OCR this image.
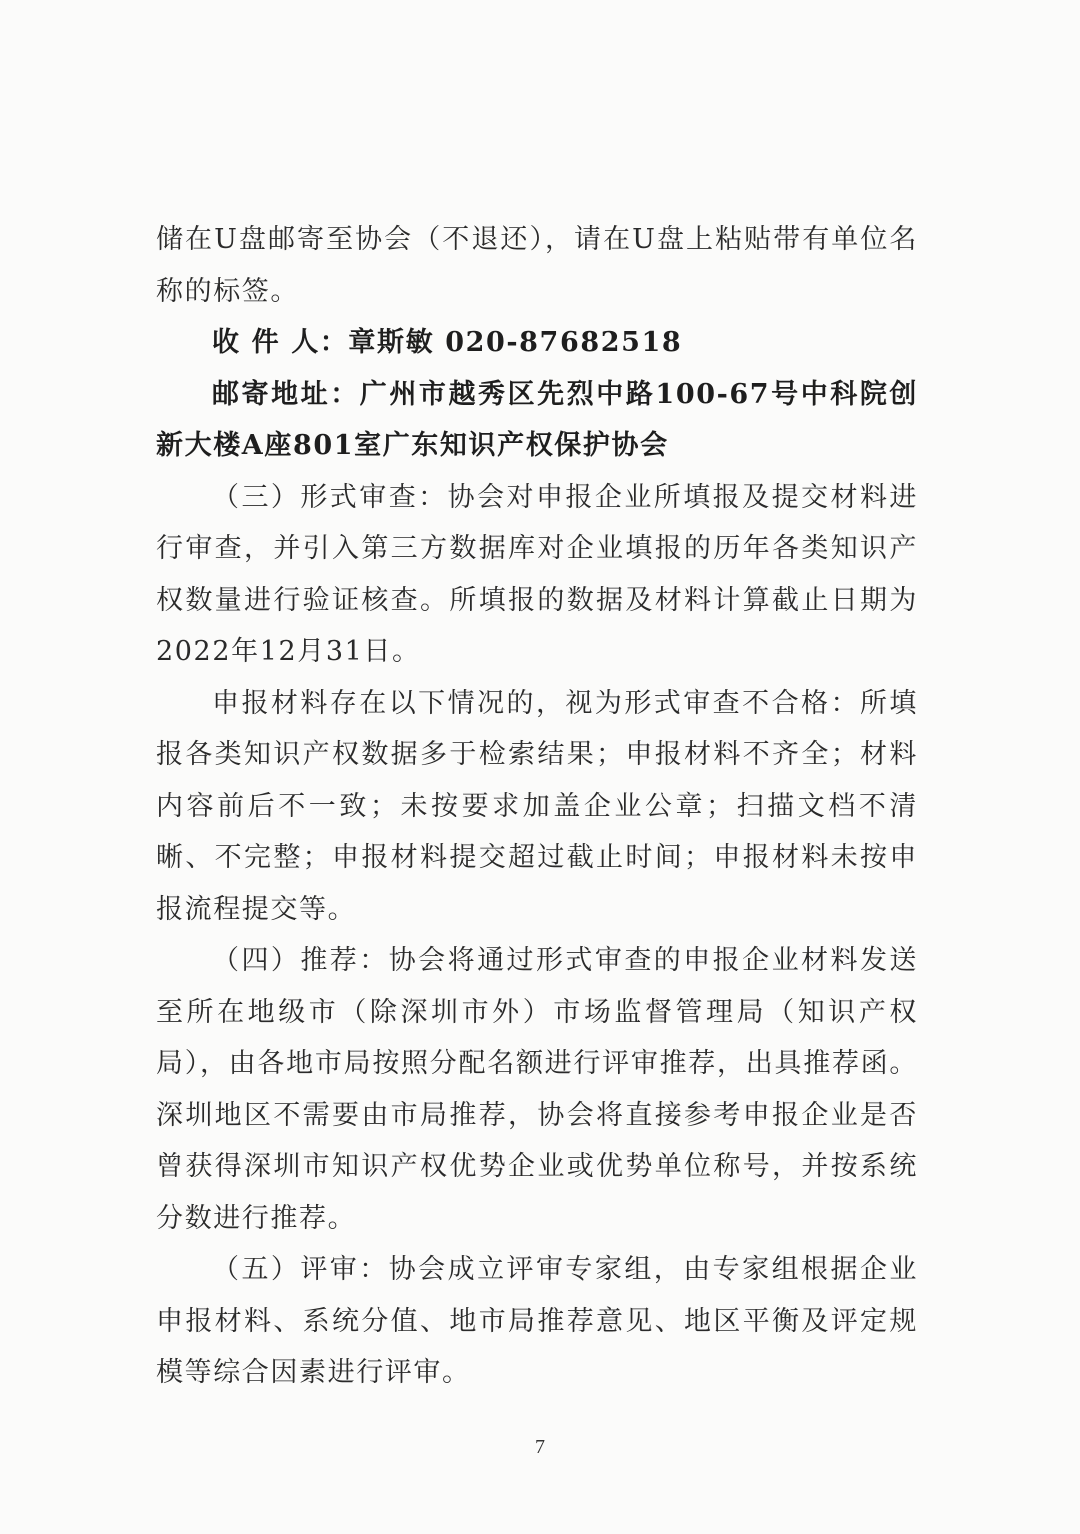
储在U盘邮寄至协会（不退还），请在U盘上粘贴带有单位名称的标签。

收 件 人：章斯敏 020-87682518

邮寄地址：广州市越秀区先烈中路100-67号中科院创新大楼A座801室广东知识产权保护协会

（三）形式审查：协会对申报企业所填报及提交材料进行审查，并引入第三方数据库对企业填报的历年各类知识产权数量进行验证核查。所填报的数据及材料计算截止日期为2022年12月31日。

申报材料存在以下情况的，视为形式审查不合格：所填报各类知识产权数据多于检索结果；申报材料不齐全；材料内容前后不一致；未按要求加盖企业公章；扫描文档不清晰、不完整；申报材料提交超过截止时间；申报材料未按申报流程提交等。

（四）推荐：协会将通过形式审查的申报企业材料发送至所在地级市（除深圳市外）市场监督管理局（知识产权局），由各地市局按照分配名额进行评审推荐，出具推荐函。深圳地区不需要由市局推荐，协会将直接参考申报企业是否曾获得深圳市知识产权优势企业或优势单位称号，并按系统分数进行推荐。

（五）评审：协会成立评审专家组，由专家组根据企业申报材料、系统分值、地市局推荐意见、地区平衡及评定规模等综合因素进行评审。

7
